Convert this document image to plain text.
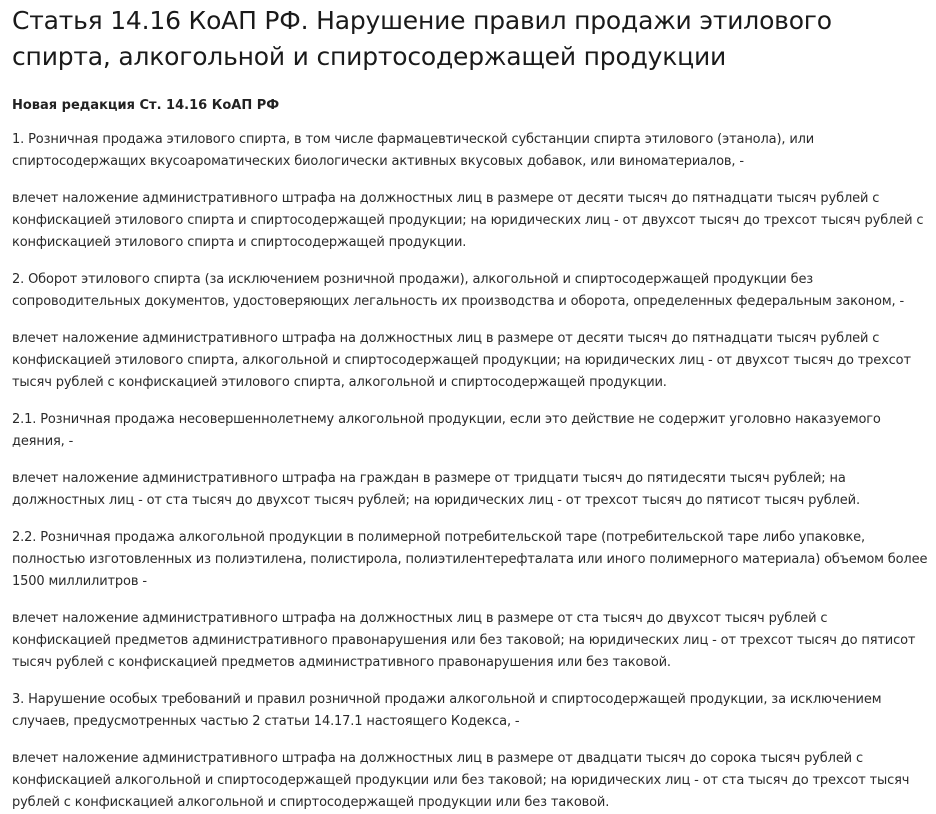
Статья 14.16 КоАП РФ. Нарушение правил продажи этилового спирта, алкогольной и спиртосодержащей продукции
Новая редакция Ст. 14.16 КоАП РФ

1. Розничная продажа этилового спирта, в том числе фармацевтической субстанции спирта этилового (этанола), или спиртосодержащих вкусоароматических биологически активных вкусовых добавок, или виноматериалов, -

влечет наложение административного штрафа на должностных лиц в размере от десяти тысяч до пятнадцати тысяч рублей с конфискацией этилового спирта и спиртосодержащей продукции; на юридических лиц - от двухсот тысяч до трехсот тысяч рублей с конфискацией этилового спирта и спиртосодержащей продукции.

2. Оборот этилового спирта (за исключением розничной продажи), алкогольной и спиртосодержащей продукции без сопроводительных документов, удостоверяющих легальность их производства и оборота, определенных федеральным законом, -

влечет наложение административного штрафа на должностных лиц в размере от десяти тысяч до пятнадцати тысяч рублей с конфискацией этилового спирта, алкогольной и спиртосодержащей продукции; на юридических лиц - от двухсот тысяч до трехсот тысяч рублей с конфискацией этилового спирта, алкогольной и спиртосодержащей продукции.

2.1. Розничная продажа несовершеннолетнему алкогольной продукции, если это действие не содержит уголовно наказуемого деяния, -

влечет наложение административного штрафа на граждан в размере от тридцати тысяч до пятидесяти тысяч рублей; на должностных лиц - от ста тысяч до двухсот тысяч рублей; на юридических лиц - от трехсот тысяч до пятисот тысяч рублей.

2.2. Розничная продажа алкогольной продукции в полимерной потребительской таре (потребительской таре либо упаковке, полностью изготовленных из полиэтилена, полистирола, полиэтилентерефталата или иного полимерного материала) объемом более 1500 миллилитров -

влечет наложение административного штрафа на должностных лиц в размере от ста тысяч до двухсот тысяч рублей с конфискацией предметов административного правонарушения или без таковой; на юридических лиц - от трехсот тысяч до пятисот тысяч рублей с конфискацией предметов административного правонарушения или без таковой.

3. Нарушение особых требований и правил розничной продажи алкогольной и спиртосодержащей продукции, за исключением случаев, предусмотренных частью 2 статьи 14.17.1 настоящего Кодекса, -

влечет наложение административного штрафа на должностных лиц в размере от двадцати тысяч до сорока тысяч рублей с конфискацией алкогольной и спиртосодержащей продукции или без таковой; на юридических лиц - от ста тысяч до трехсот тысяч рублей с конфискацией алкогольной и спиртосодержащей продукции или без таковой.
